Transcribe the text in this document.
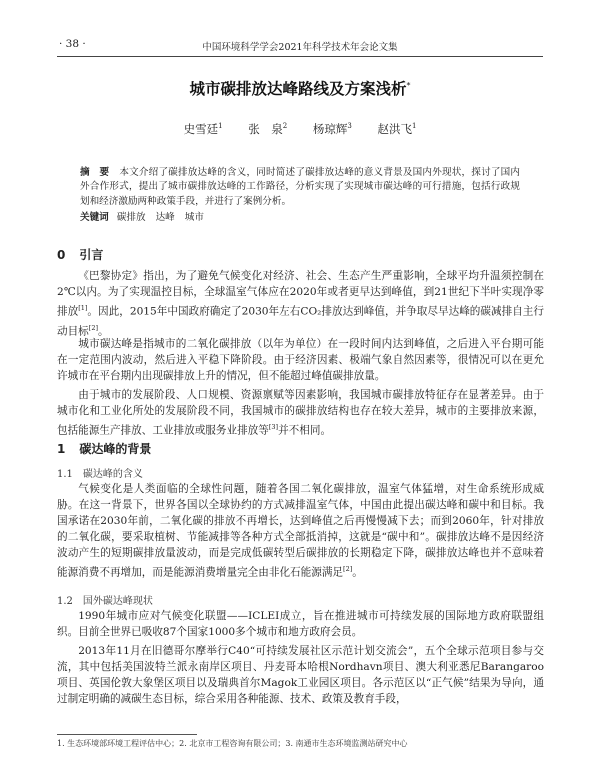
· 38 ·	中国环境科学学会2021年科学技术年会论文集
城市碳排放达峰路线及方案浅析*
史雪廷$^1$ 张　泉$^2$ 杨琼辉$^3$ 赵洪飞$^1$
摘　要 本文介绍了碳排放达峰的含义，同时简述了碳排放达峰的意义背景及国内外现状，探讨了国内外合作形式，提出了城市碳排放达峰的工作路径，分析实现了实现城市碳达峰的可行措施，包括行政规划和经济激励两种政策手段，并进行了案例分析。
关键词 碳排放 达峰 城市
0 引言
《巴黎协定》指出，为了避免气候变化对经济、社会、生态产生严重影响，全球平均升温须控制在2℃以内。为了实现温控目标，全球温室气体应在2020年或者更早达到峰值，到21世纪下半叶实现净零排放[1]。因此，2015年中国政府确定了2030年左右CO₂排放达到峰值，并争取尽早达峰的碳减排自主行动目标[2]。
城市碳达峰是指城市的二氧化碳排放（以年为单位）在一段时间内达到峰值，之后进入平台期可能在一定范围内波动，然后进入平稳下降阶段。由于经济因素、极端气象自然因素等，很情况可以在更允许城市在平台期内出现碳排放上升的情况，但不能超过峰值碳排放量。
由于城市的发展阶段、人口规模、资源禀赋等因素影响，我国城市碳排放特征存在显著差异。由于城市化和工业化所处的发展阶段不同，我国城市的碳排放结构也存在较大差异，城市的主要排放来源，包括能源生产排放、工业排放或服务业排放等[3]并不相同。
1 碳达峰的背景
1.1 碳达峰的含义
气候变化是人类面临的全球性问题，随着各国二氧化碳排放，温室气体猛增，对生命系统形成威胁。在这一背景下，世界各国以全球协约的方式减排温室气体，中国由此提出碳达峰和碳中和目标。我国承诺在2030年前，二氧化碳的排放不再增长，达到峰值之后再慢慢减下去；而到2060年，针对排放的二氧化碳，要采取植树、节能减排等各种方式全部抵消掉，这就是“碳中和”。碳排放达峰不是因经济波动产生的短期碳排放量波动，而是完成低碳转型后碳排放的长期稳定下降，碳排放达峰也并不意味着能源消费不再增加，而是能源消费增量完全由非化石能源满足[2]。
1.2 国外碳达峰现状
1990年城市应对气候变化联盟——ICLEI成立，旨在推进城市可持续发展的国际地方政府联盟组织。目前全世界已吸收87个国家1000多个城市和地方政府会员。
2013年11月在旧德哥尔摩举行C40“可持续发展社区示范计划交流会”，五个全球示范项目参与交流，其中包括美国波特兰派永南岸区项目、丹麦哥本哈根Nordhavn项目、澳大利亚悉尼Barangaroo项目、英国伦敦大象堡区项目以及瑞典首尔Magok工业园区项目。各示范区以“正气候”结果为导向，通过制定明确的减碳生态目标，综合采用各种能源、技术、政策及教育手段，
1. 生态环境部环境工程评估中心；2. 北京市工程咨询有限公司；3. 南通市生态环境监测站研究中心
